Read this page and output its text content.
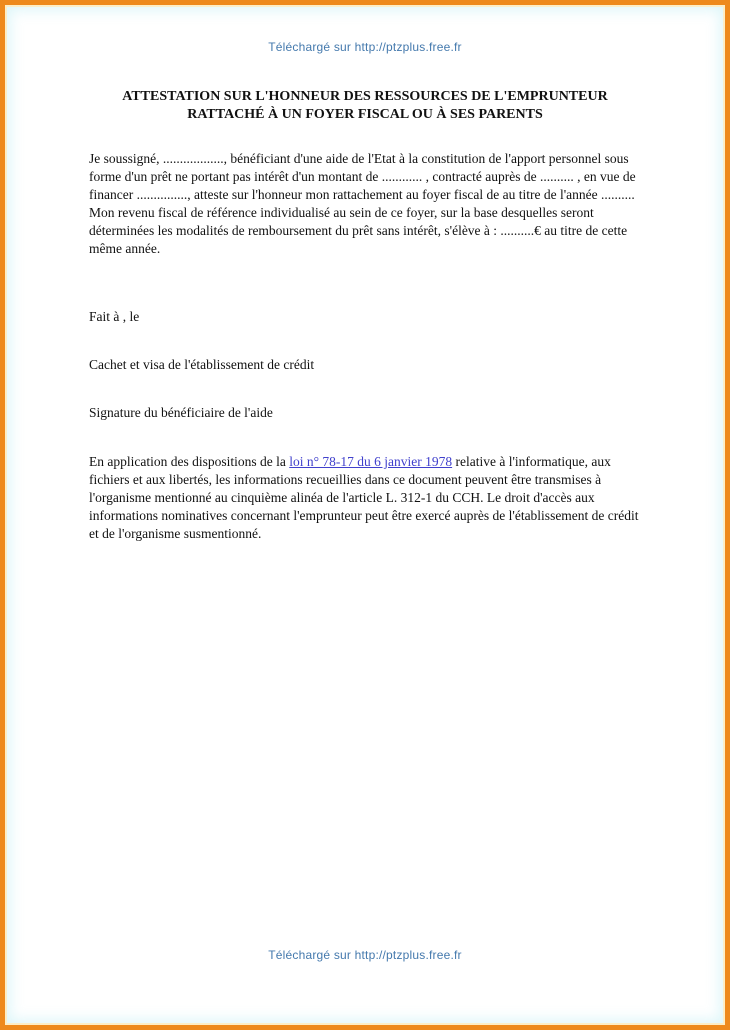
Téléchargé sur http://ptzplus.free.fr
ATTESTATION SUR L'HONNEUR DES RESSOURCES DE L'EMPRUNTEUR
RATTACHÉ À UN FOYER FISCAL OU À SES PARENTS

Je soussigné, .................., bénéficiant d'une aide de l'Etat à la constitution de l'apport personnel sous forme d'un prêt ne portant pas intérêt d'un montant de ............ , contracté auprès de .......... , en vue de financer ..............., atteste sur l'honneur mon rattachement au foyer fiscal de au titre de l'année ..........

Mon revenu fiscal de référence individualisé au sein de ce foyer, sur la base desquelles seront déterminées les modalités de remboursement du prêt sans intérêt, s'élève à : ..........€ au titre de cette même année.

Fait à , le
Cachet et visa de l'établissement de crédit
Signature du bénéficiaire de l'aide
En application des dispositions de la loi n° 78-17 du 6 janvier 1978 relative à l'informatique, aux fichiers et aux libertés, les informations recueillies dans ce document peuvent être transmises à l'organisme mentionné au cinquième alinéa de l'article L. 312-1 du CCH. Le droit d'accès aux informations nominatives concernant l'emprunteur peut être exercé auprès de l'établissement de crédit et de l'organisme susmentionné.
Téléchargé sur http://ptzplus.free.fr
